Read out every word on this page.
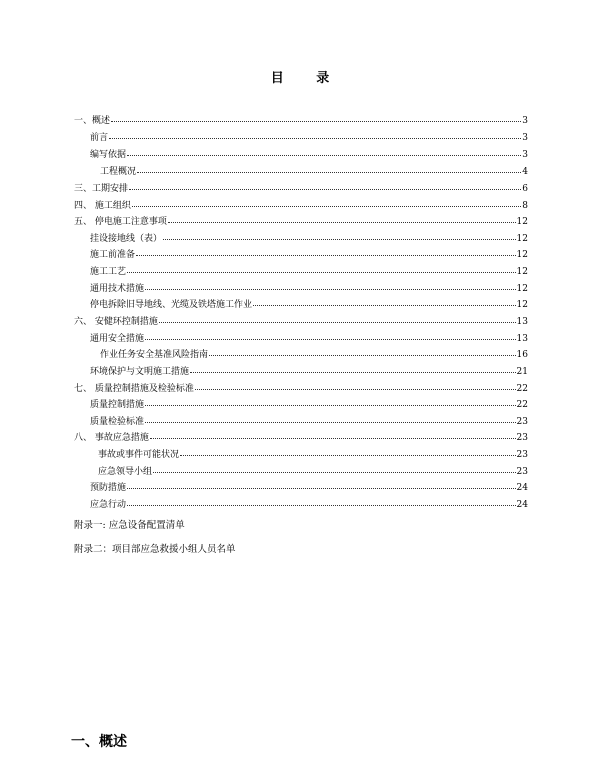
目 录
一、概述	3
前言	3
编写依据	3
工程概况	4
三、工期安排	6
四、 施工组织	8
五、 停电施工注意事项	12
挂设接地线（表）	12
施工前准备	12
施工工艺	12
通用技术措施	12
停电拆除旧导地线、光缆及铁塔施工作业	12
六、 安健环控制措施	13
通用安全措施	13
作业任务安全基准风险指南	16
环境保护与文明施工措施	21
七、 质量控制措施及检验标准	22
质量控制措施	22
质量检验标准	23
八、 事故应急措施	23
事故或事件可能状况	23
应急领导小组	23
预防措施	24
应急行动	24
附录一: 应急设备配置清单
附录二：项目部应急救援小组人员名单
一、概述
